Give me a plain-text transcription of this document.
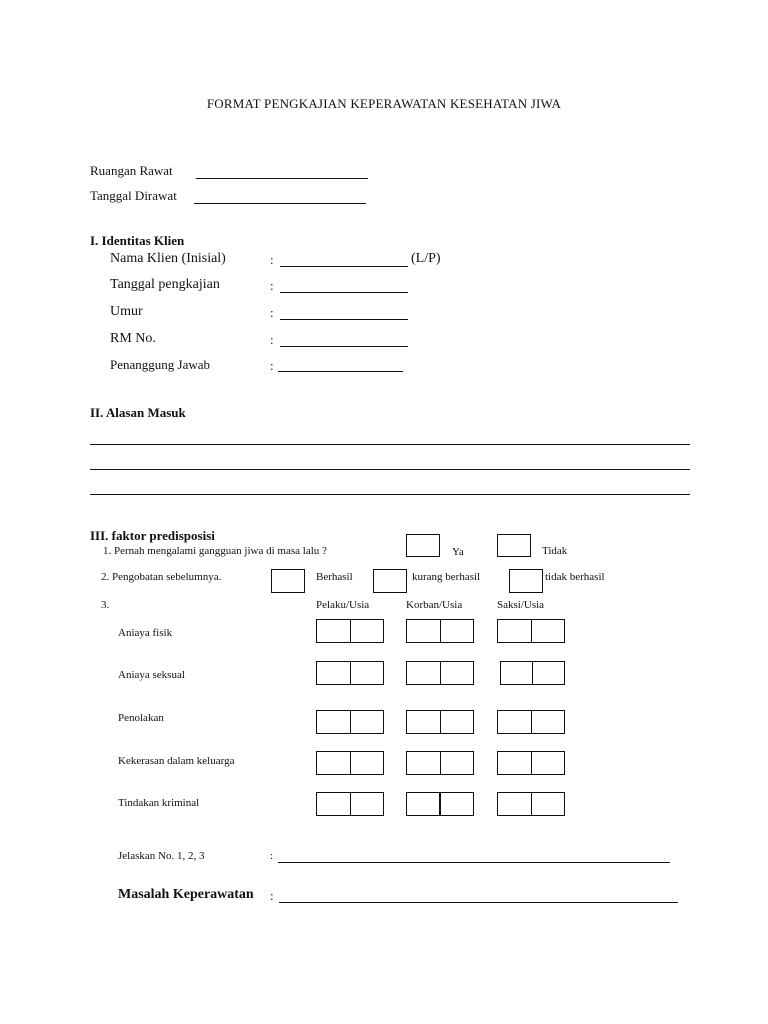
FORMAT PENGKAJIAN KEPERAWATAN KESEHATAN JIWA
Ruangan Rawat
Tanggal Dirawat
I. Identitas Klien
Nama Klien (Inisial)	:	(L/P)
Tanggal pengkajian	:
Umur	:
RM No.	:
Penanggung Jawab	:
II. Alasan Masuk
III. faktor predisposisi
1. Pernah mengalami gangguan jiwa di masa lalu ?	Ya	Tidak
2. Pengobatan sebelumnya.	Berhasil	kurang berhasil	tidak berhasil
3.	Pelaku/Usia	Korban/Usia	Saksi/Usia
Aniaya fisik
Aniaya seksual
Penolakan
Kekerasan dalam keluarga
Tindakan kriminal
Jelaskan No. 1, 2, 3	:
Masalah Keperawatan :
